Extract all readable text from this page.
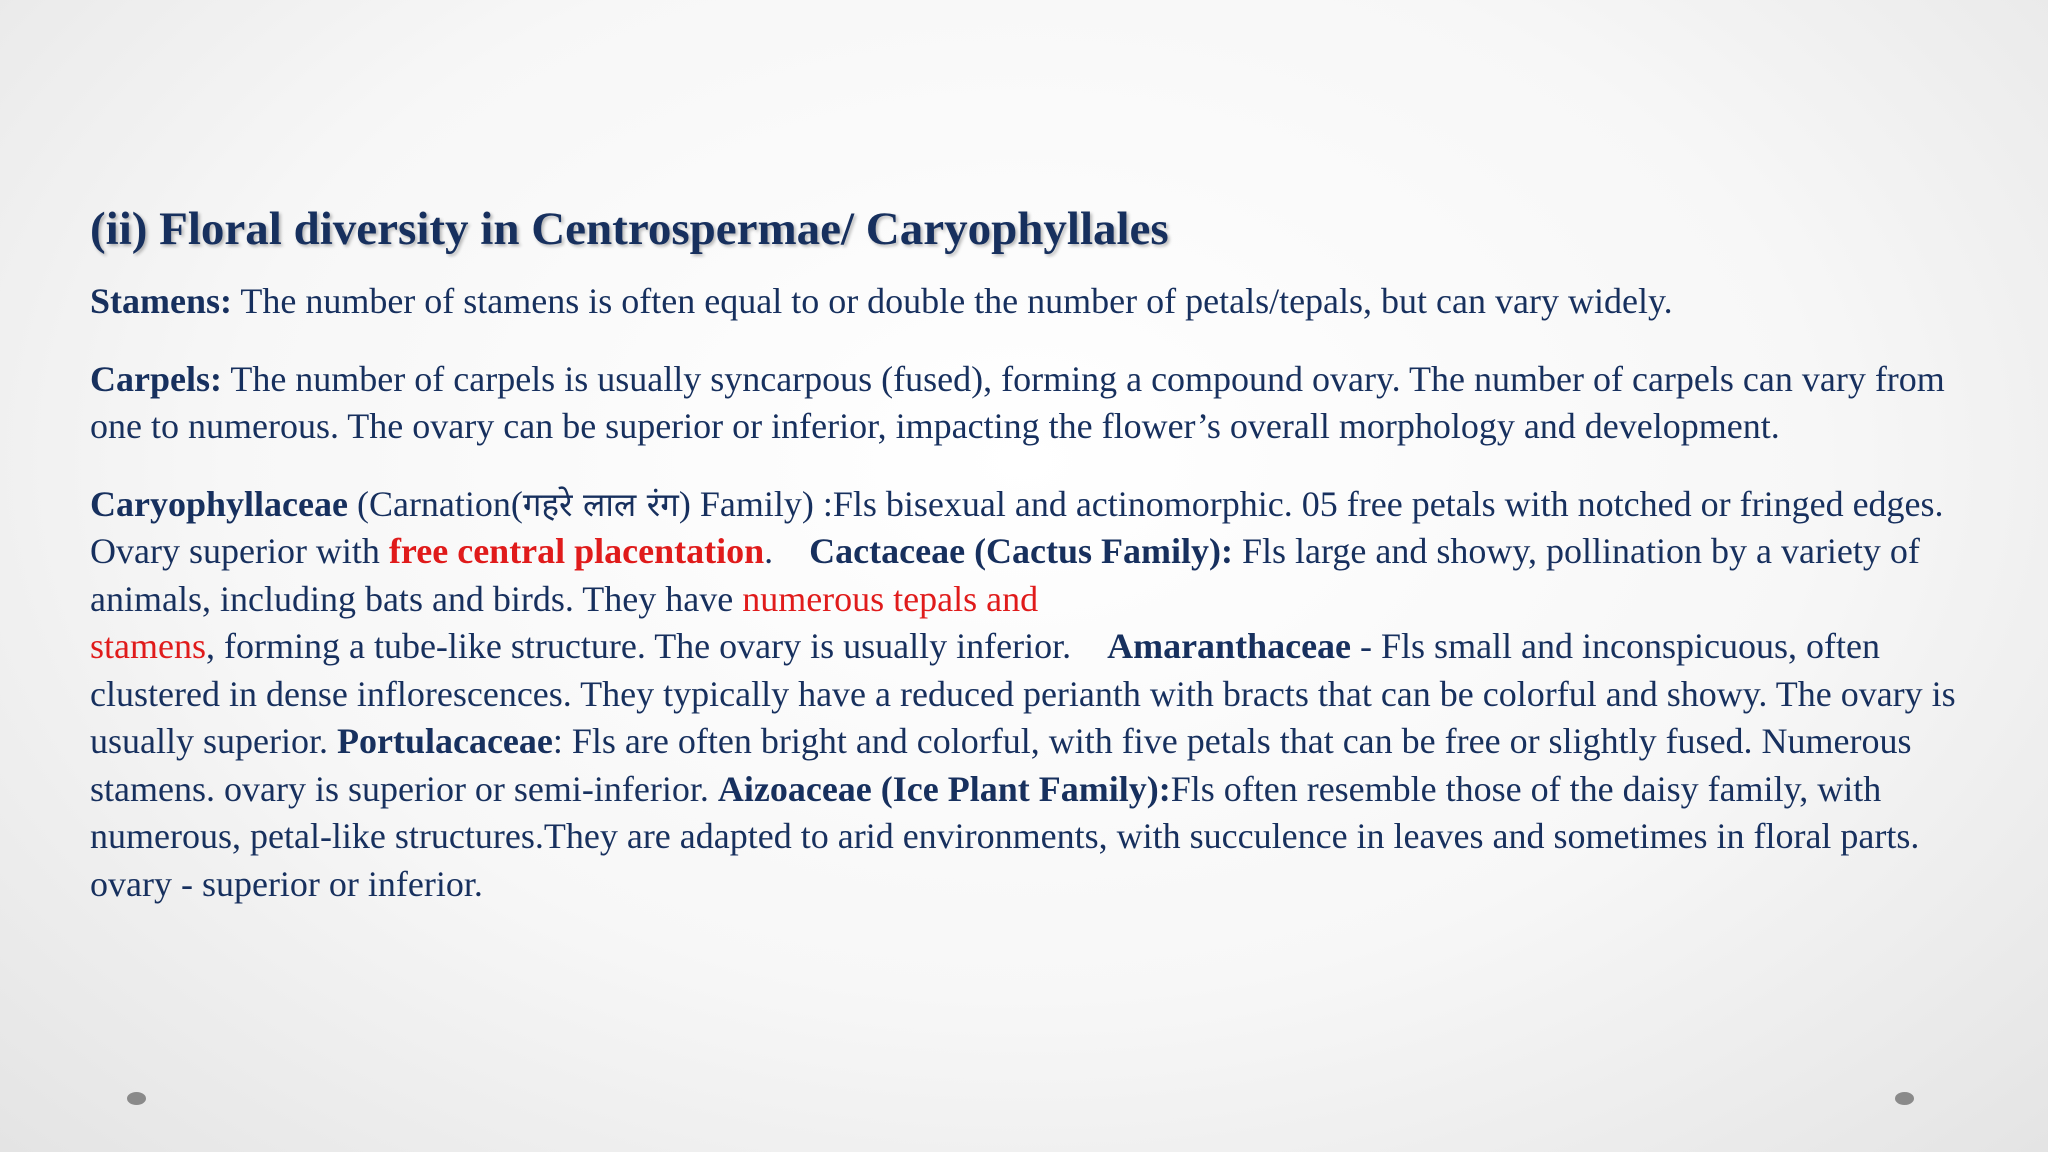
(ii) Floral diversity in Centrospermae/ Caryophyllales

Stamens: The number of stamens is often equal to or double the number of petals/tepals, but can vary widely.

Carpels: The number of carpels is usually syncarpous (fused), forming a compound ovary. The number of carpels can vary from one to numerous. The ovary can be superior or inferior, impacting the flower’s overall morphology and development.

Caryophyllaceae (Carnation(गहरे लाल रंग) Family) :Fls bisexual and actinomorphic. 05 free petals with notched or fringed edges. Ovary superior with free central placentation.    Cactaceae (Cactus Family): Fls large and showy, pollination by a variety of animals, including bats and birds. They have numerous tepals and stamens, forming a tube-like structure. The ovary is usually inferior.    Amaranthaceae - Fls small and inconspicuous, often clustered in dense inflorescences. They typically have a reduced perianth with bracts that can be colorful and showy. The ovary is usually superior. Portulacaceae: Fls are often bright and colorful, with five petals that can be free or slightly fused. Numerous stamens. ovary is superior or semi-inferior. Aizoaceae (Ice Plant Family):Fls often resemble those of the daisy family, with numerous, petal-like structures.They are adapted to arid environments, with succulence in leaves and sometimes in floral parts. ovary - superior or inferior.
